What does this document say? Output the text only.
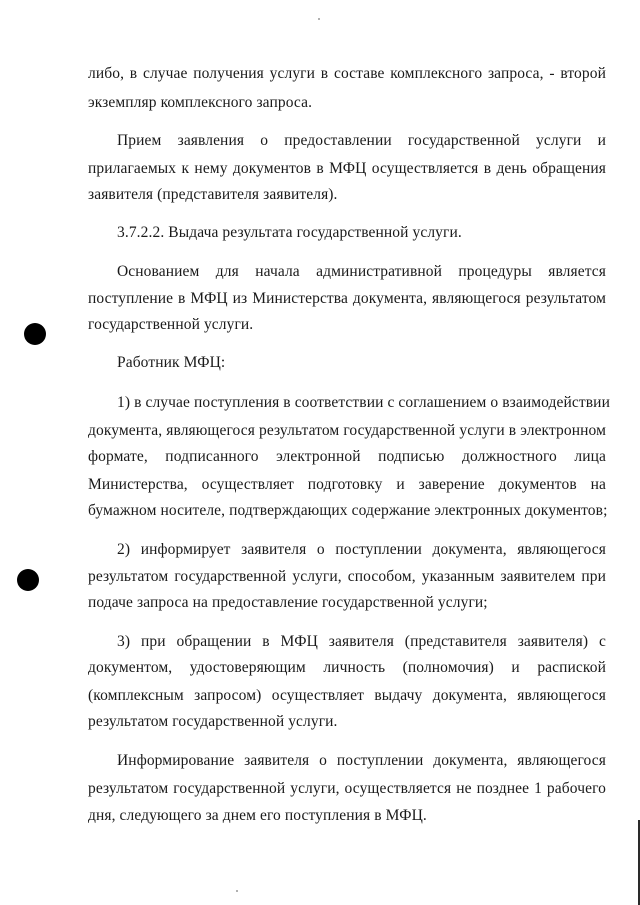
либо, в случае получения услуги в составе комплексного запроса, - второй
экземпляр комплексного запроса.
Прием заявления о предоставлении государственной услуги и
прилагаемых к нему документов в МФЦ осуществляется в день обращения
заявителя (представителя заявителя).
3.7.2.2. Выдача результата государственной услуги.
Основанием для начала административной процедуры является
поступление в МФЦ из Министерства документа, являющегося результатом
государственной услуги.
Работник МФЦ:
1) в случае поступления в соответствии с соглашением о взаимодействии
документа, являющегося результатом государственной услуги в электронном
формате, подписанного электронной подписью должностного лица
Министерства, осуществляет подготовку и заверение документов на
бумажном носителе, подтверждающих содержание электронных документов;
2) информирует заявителя о поступлении документа, являющегося
результатом государственной услуги, способом, указанным заявителем при
подаче запроса на предоставление государственной услуги;
3) при обращении в МФЦ заявителя (представителя заявителя) с
документом, удостоверяющим личность (полномочия) и распиской
(комплексным запросом) осуществляет выдачу документа, являющегося
результатом государственной услуги.
Информирование заявителя о поступлении документа, являющегося
результатом государственной услуги, осуществляется не позднее 1 рабочего
дня, следующего за днем его поступления в МФЦ.
